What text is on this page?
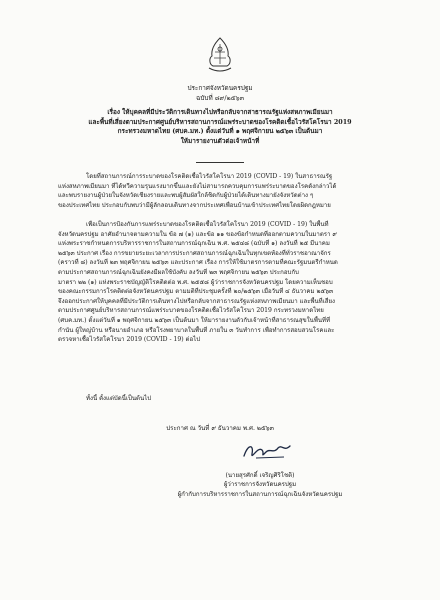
ประกาศจังหวัดนครปฐม
ฉบับที่ ๘๙/๒๕๖๓
เรื่อง ให้บุคคลที่มีประวัติการเดินทางไปหรือกลับจากสาธารณรัฐแห่งสหภาพเมียนมา
และพื้นที่เสี่ยงตามประกาศศูนย์บริหารสถานการณ์แพร่ระบาดของโรคติดเชื้อไวรัสโคโรนา 2019
กระทรวงมหาดไทย (ศบค.มท.) ตั้งแต่วันที่ ๑ พฤศจิกายน ๒๕๖๓ เป็นต้นมา
ให้มารายงานตัวต่อเจ้าหน้าที่
โดยที่สถานการณ์การระบาดของโรคติดเชื้อไวรัสโคโรนา 2019 (COVID - 19) ในสาธารณรัฐ
แห่งสหภาพเมียนมา ที่ได้ทวีความรุนแรงมากขึ้นและยังไม่สามารถควบคุมการแพร่ระบาดของโรคดังกล่าวได้
และพบรายงานผู้ป่วยในจังหวัดเชียงรายและพบผู้สัมผัสใกล้ชิดกับผู้ป่วยได้เดินทางมายังจังหวัดต่าง ๆ
ของประเทศไทย ประกอบกับพบว่ามีผู้ลักลอบเดินทางจากประเทศเพื่อนบ้านเข้าประเทศไทยโดยผิดกฎหมาย
เพื่อเป็นการป้องกันการแพร่ระบาดของโรคติดเชื้อไวรัสโคโรนา 2019 (COVID - 19) ในพื้นที่
จังหวัดนครปฐม อาศัยอำนาจตามความใน ข้อ ๗ (๑) และข้อ ๑๑ ของข้อกำหนดที่ออกตามความในมาตรา ๙
แห่งพระราชกำหนดการบริหารราชการในสถานการณ์ฉุกเฉิน พ.ศ. ๒๕๔๘ (ฉบับที่ ๑) ลงวันที่ ๒๕ มีนาคม
๒๕๖๓ ประกาศ เรื่อง การขยายระยะเวลาการประกาศสถานการณ์ฉุกเฉินในทุกเขตท้องที่ทั่วราชอาณาจักร
(คราวที่ ๘) ลงวันที่ ๒๓ พฤศจิกายน ๒๕๖๓ และประกาศ เรื่อง การให้ใช้มาตรการตามที่คณะรัฐมนตรีกำหนด
ตามประกาศสถานการณ์ฉุกเฉินยังคงมีผลใช้บังคับ ลงวันที่ ๒๓ พฤศจิกายน ๒๕๖๓ ประกอบกับ
มาตรา ๒๒ (๑) แห่งพระราชบัญญัติโรคติดต่อ พ.ศ. ๒๕๕๘ ผู้ว่าราชการจังหวัดนครปฐม โดยความเห็นชอบ
ของคณะกรรมการโรคติดต่อจังหวัดนครปฐม ตามมติที่ประชุมครั้งที่ ๒๐/๒๕๖๓ เมื่อวันที่ ๔ ธันวาคม ๒๕๖๓
จึงออกประกาศให้บุคคลที่มีประวัติการเดินทางไปหรือกลับจากสาธารณรัฐแห่งสหภาพเมียนมา และพื้นที่เสี่ยง
ตามประกาศศูนย์บริหารสถานการณ์แพร่ระบาดของโรคติดเชื้อไวรัสโคโรนา 2019 กระทรวงมหาดไทย
(ศบค.มท.) ตั้งแต่วันที่ ๑ พฤศจิกายน ๒๕๖๓ เป็นต้นมา ให้มารายงานตัวกับเจ้าหน้าที่สาธารณสุขในพื้นที่ที่
กำนัน ผู้ใหญ่บ้าน หรือนายอำเภอ หรือโรงพยาบาลในพื้นที่ ภายใน ๓ วันทำการ เพื่อทำการสอบสวนโรคและ
ตรวจหาเชื้อไวรัสโคโรนา 2019 (COVID - 19) ต่อไป
ทั้งนี้ ตั้งแต่บัดนี้เป็นต้นไป
ประกาศ ณ วันที่ ๙ ธันวาคม พ.ศ. ๒๕๖๓
(นายสุรศักดิ์ เจริญศิริโชติ)
ผู้ว่าราชการจังหวัดนครปฐม
ผู้กำกับการบริหารราชการในสถานการณ์ฉุกเฉินจังหวัดนครปฐม
